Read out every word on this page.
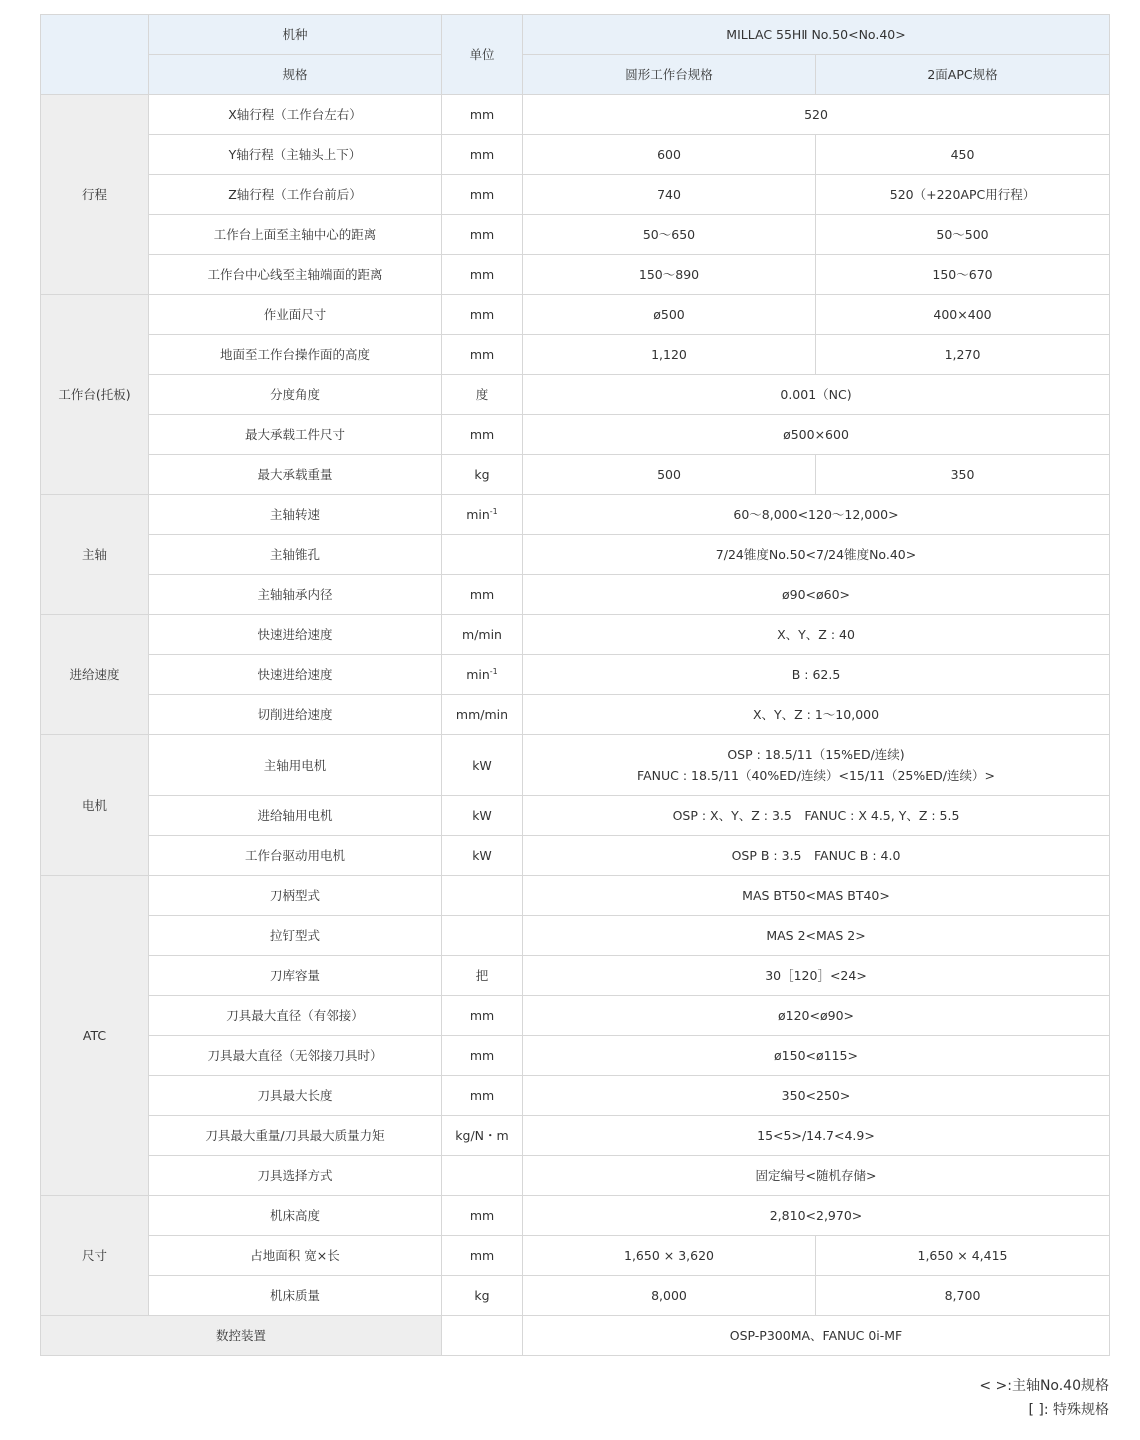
	机种	单位	MILLAC 55HⅡ No.50<No.40>	
	规格		圆形工作台规格	2面APC规格
行程	X轴行程（工作台左右）	mm	520	
	Y轴行程（主轴头上下）	mm	600	450
	Z轴行程（工作台前后）	mm	740	520（+220APC用行程）
	工作台上面至主轴中心的距离	mm	50～650	50～500
	工作台中心线至主轴端面的距离	mm	150～890	150～670
工作台(托板)	作业面尺寸	mm	ø500	400×400
	地面至工作台操作面的高度	mm	1,120	1,270
	分度角度	度	0.001（NC)	
	最大承载工件尺寸	mm	ø500×600	
	最大承载重量	kg	500	350
主轴	主轴转速	$\min^{-1}$	60～8,000<120～12,000>	
	主轴锥孔		7/24锥度No.50<7/24锥度No.40>	
	主轴轴承内径	mm	ø90<ø60>	
进给速度	快速进给速度	m/min	X、Y、Z : 40	
	快速进给速度	$\min^{-1}$	B : 62.5	
	切削进给速度	mm/min	X、Y、Z : 1～10,000	
电机	主轴用电机	kW	OSP : 18.5/11（15%ED/连续)
FANUC : 18.5/11（40%ED/连续）<15/11（25%ED/连续）>	

	进给轴用电机	kW	OSP : X、Y、Z : 3.5　FANUC : X 4.5, Y、Z : 5.5	
	工作台驱动用电机	kW	OSP B : 3.5　FANUC B : 4.0	
ATC	刀柄型式		MAS BT50<MAS BT40>	
	拉钉型式		MAS 2<MAS 2>	
	刀库容量	把	30［120］<24>	
	刀具最大直径（有邻接）	mm	ø120<ø90>	
	刀具最大直径（无邻接刀具时）	mm	ø150<ø115>	
	刀具最大长度	mm	350<250>	
	刀具最大重量/刀具最大质量力矩	kg/N・m	15<5>/14.7<4.9>	
	刀具选择方式		固定编号<随机存储>	
尺寸	机床高度	mm	2,810<2,970>	
	占地面积 宽×长	mm	1,650 × 3,620	1,650 × 4,415
	机床质量	kg	8,000	8,700
数控装置			OSP-P300MA、FANUC 0i-MF	
< >:主轴No.40规格
[ ]: 特殊规格
